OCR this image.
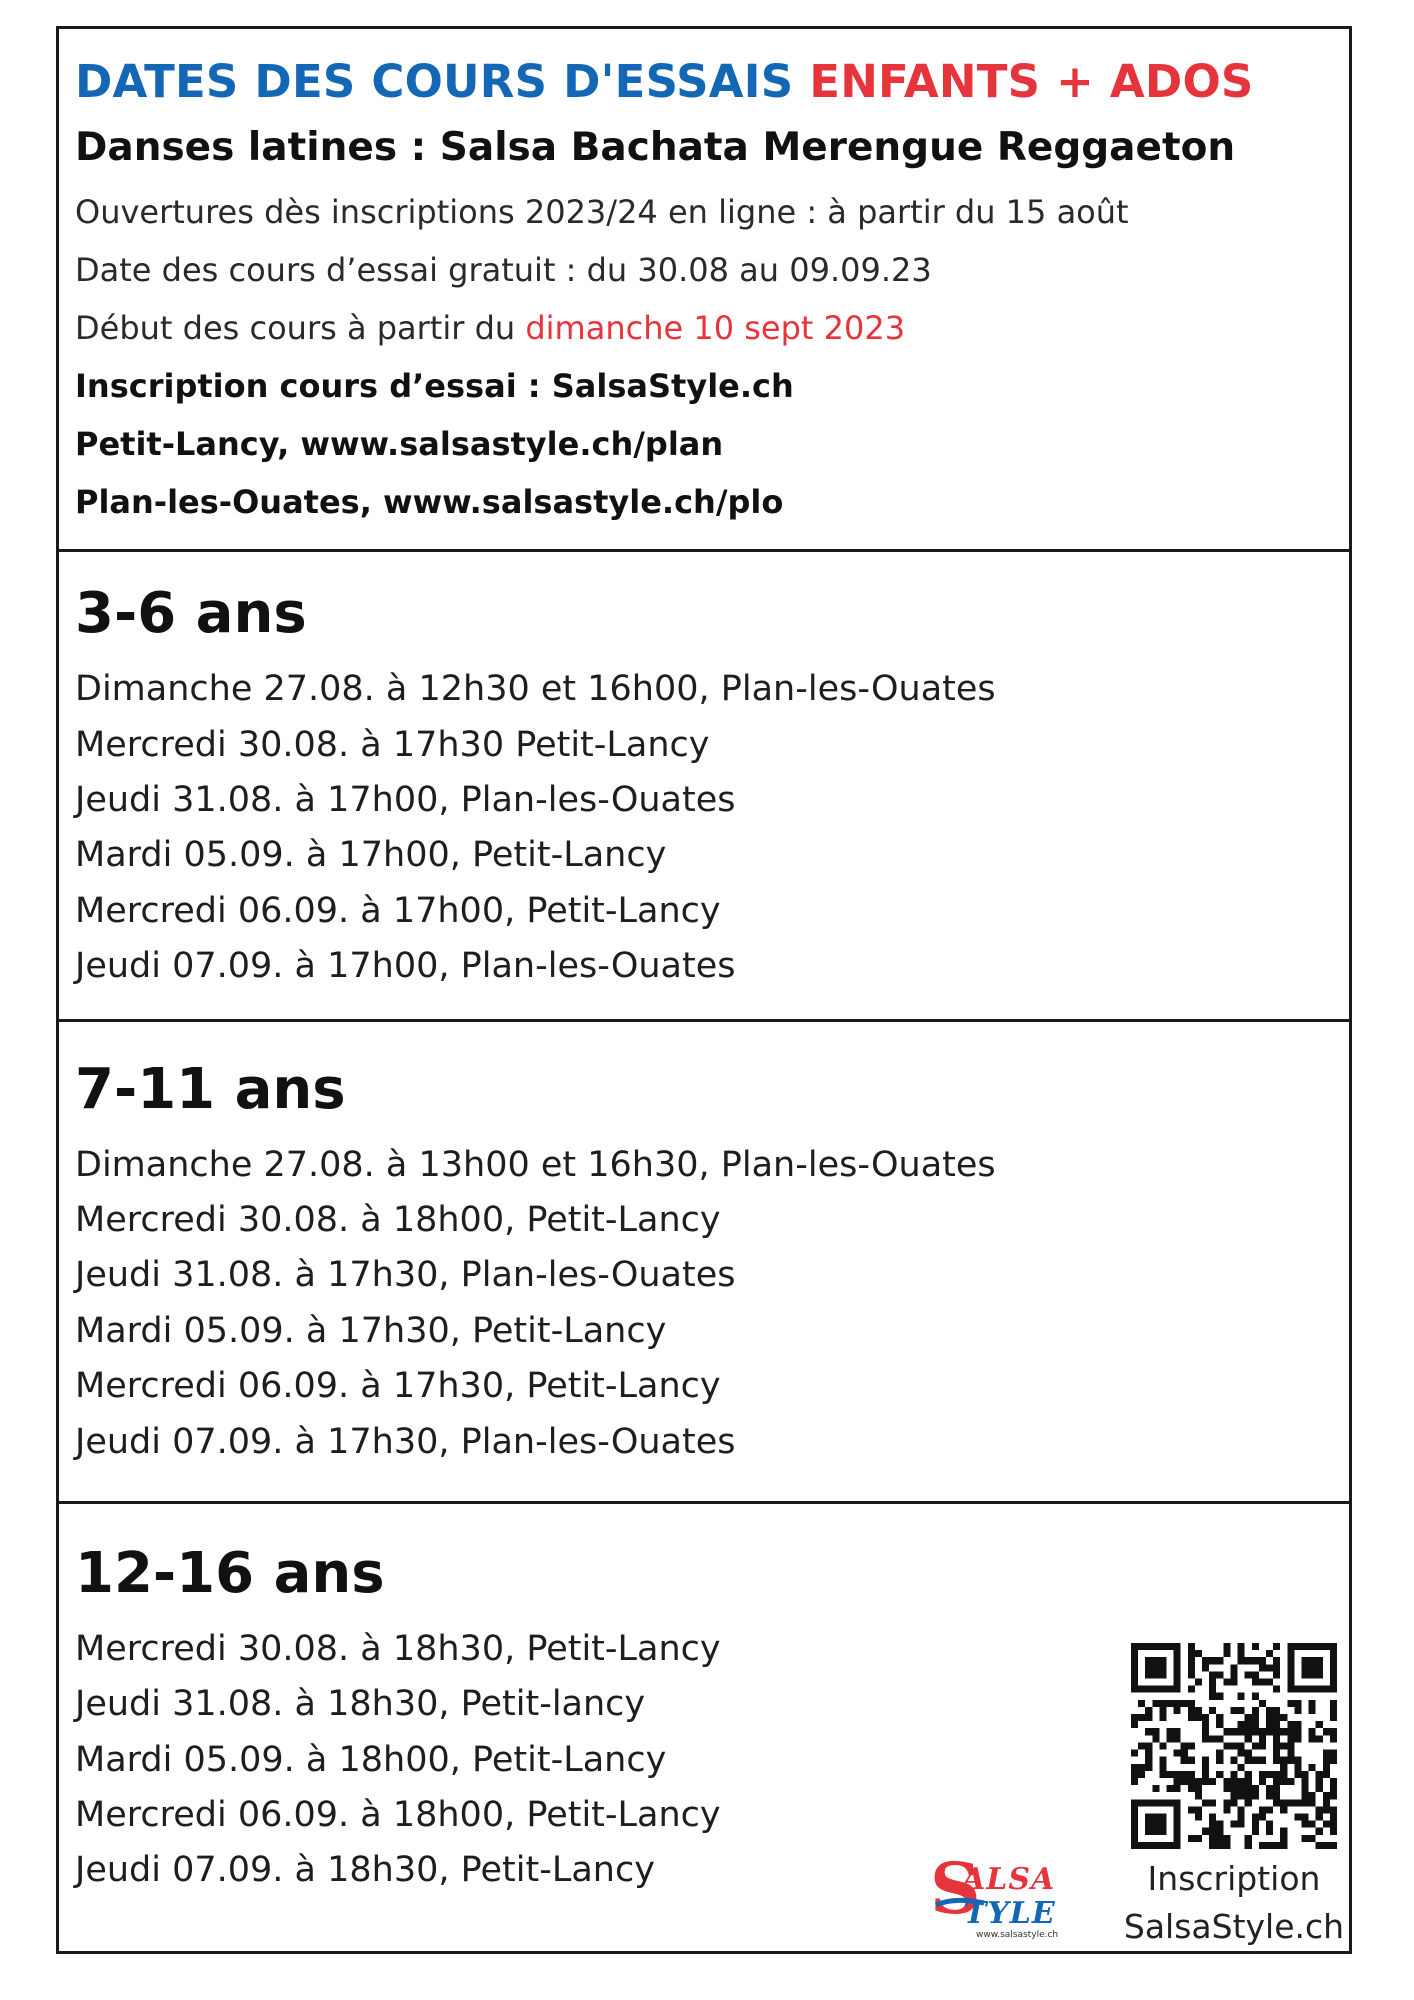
DATES DES COURS D'ESSAIS ENFANTS + ADOS
Danses latines : Salsa Bachata Merengue Reggaeton
Ouvertures dès inscriptions 2023/24 en ligne : à partir du 15 août
Date des cours d’essai gratuit : du 30.08 au 09.09.23
Début des cours à partir du dimanche 10 sept 2023
Inscription cours d’essai : SalsaStyle.ch
Petit-Lancy, www.salsastyle.ch/plan
Plan-les-Ouates, www.salsastyle.ch/plo
3-6 ans
Dimanche 27.08. à 12h30 et 16h00, Plan-les-Ouates
Mercredi 30.08. à 17h30 Petit-Lancy
Jeudi 31.08. à 17h00, Plan-les-Ouates
Mardi 05.09. à 17h00, Petit-Lancy
Mercredi 06.09. à 17h00, Petit-Lancy
Jeudi 07.09. à 17h00, Plan-les-Ouates
7-11 ans
Dimanche 27.08. à 13h00 et 16h30, Plan-les-Ouates
Mercredi 30.08. à 18h00, Petit-Lancy
Jeudi 31.08. à 17h30, Plan-les-Ouates
Mardi 05.09. à 17h30, Petit-Lancy
Mercredi 06.09. à 17h30, Petit-Lancy
Jeudi 07.09. à 17h30, Plan-les-Ouates
12-16 ans
Mercredi 30.08. à 18h30, Petit-Lancy
Jeudi 31.08. à 18h30, Petit-lancy
Mardi 05.09. à 18h00, Petit-Lancy
Mercredi 06.09. à 18h00, Petit-Lancy
Jeudi 07.09. à 18h30, Petit-Lancy	Inscription
SalsaStyle.ch
S
ALSA
TYLE
www.salsastyle.ch
